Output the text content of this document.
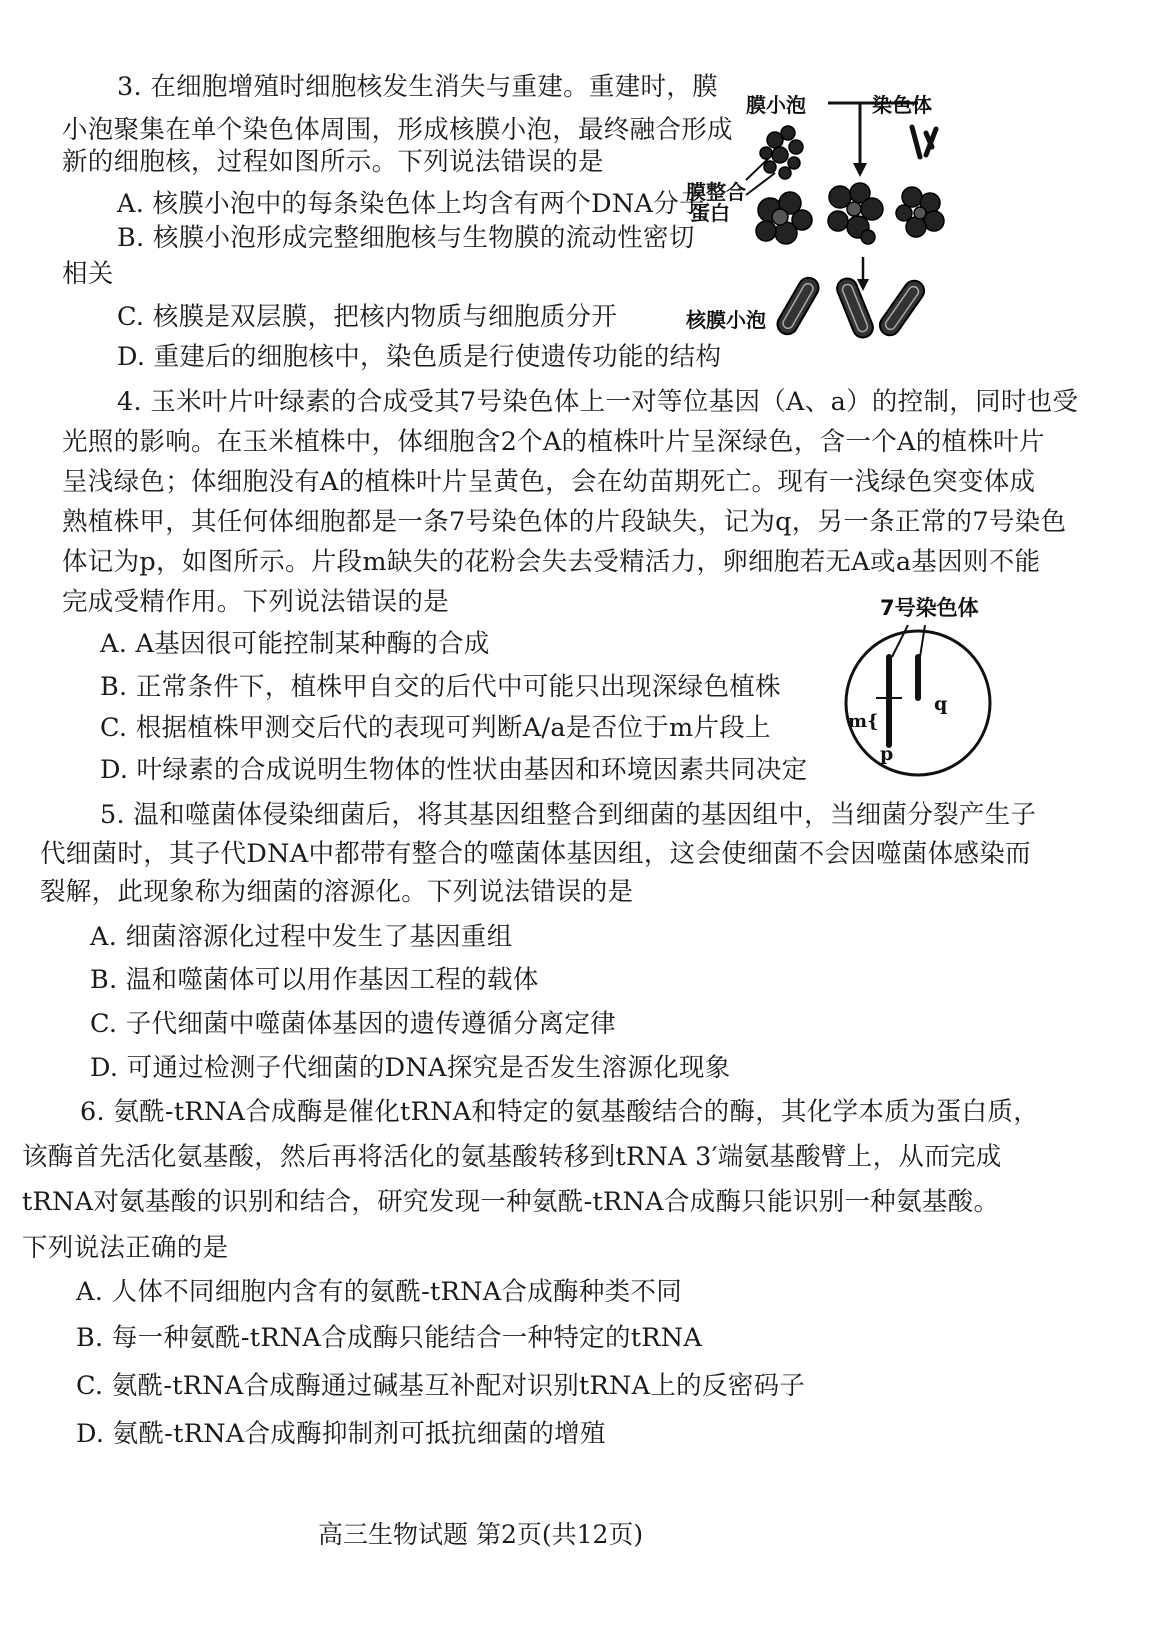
3. 在细胞增殖时细胞核发生消失与重建。重建时，膜
小泡聚集在单个染色体周围，形成核膜小泡，最终融合形成
新的细胞核，过程如图所示。下列说法错误的是
A. 核膜小泡中的每条染色体上均含有两个DNA分子
B. 核膜小泡形成完整细胞核与生物膜的流动性密切
相关
C. 核膜是双层膜，把核内物质与细胞质分开
D. 重建后的细胞核中，染色质是行使遗传功能的结构
膜小泡	染色体
膜整合
蛋白
核膜小泡
4. 玉米叶片叶绿素的合成受其7号染色体上一对等位基因（A、a）的控制，同时也受
光照的影响。在玉米植株中，体细胞含2个A的植株叶片呈深绿色，含一个A的植株叶片
呈浅绿色；体细胞没有A的植株叶片呈黄色，会在幼苗期死亡。现有一浅绿色突变体成
熟植株甲，其任何体细胞都是一条7号染色体的片段缺失，记为q，另一条正常的7号染色
体记为p，如图所示。片段m缺失的花粉会失去受精活力，卵细胞若无A或a基因则不能
完成受精作用。下列说法错误的是
A. A基因很可能控制某种酶的合成
B. 正常条件下，植株甲自交的后代中可能只出现深绿色植株
C. 根据植株甲测交后代的表现可判断A/a是否位于m片段上
D. 叶绿素的合成说明生物体的性状由基因和环境因素共同决定
7号染色体
m{
p
q
5. 温和噬菌体侵染细菌后，将其基因组整合到细菌的基因组中，当细菌分裂产生子
代细菌时，其子代DNA中都带有整合的噬菌体基因组，这会使细菌不会因噬菌体感染而
裂解，此现象称为细菌的溶源化。下列说法错误的是
A. 细菌溶源化过程中发生了基因重组
B. 温和噬菌体可以用作基因工程的载体
C. 子代细菌中噬菌体基因的遗传遵循分离定律
D. 可通过检测子代细菌的DNA探究是否发生溶源化现象
6. 氨酰-tRNA合成酶是催化tRNA和特定的氨基酸结合的酶，其化学本质为蛋白质，
该酶首先活化氨基酸，然后再将活化的氨基酸转移到tRNA 3′端氨基酸臂上，从而完成
tRNA对氨基酸的识别和结合，研究发现一种氨酰-tRNA合成酶只能识别一种氨基酸。
下列说法正确的是
A. 人体不同细胞内含有的氨酰-tRNA合成酶种类不同
B. 每一种氨酰-tRNA合成酶只能结合一种特定的tRNA
C. 氨酰-tRNA合成酶通过碱基互补配对识别tRNA上的反密码子
D. 氨酰-tRNA合成酶抑制剂可抵抗细菌的增殖
高三生物试题 第2页(共12页)
